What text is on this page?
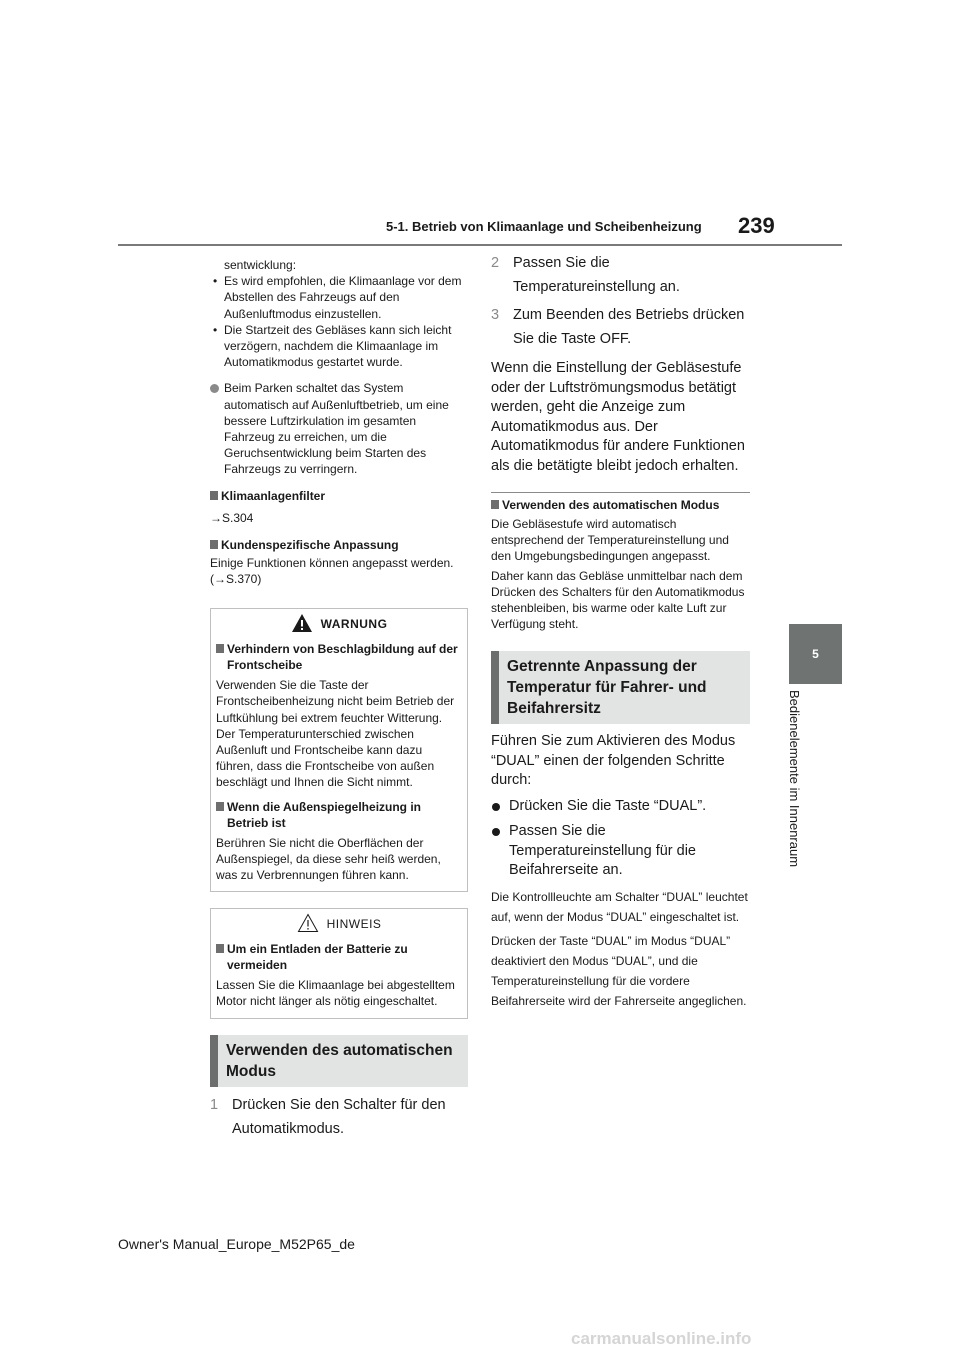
5-1. Betrieb von Klimaanlage und Scheibenheizung 239
5
Bedienelemente im Innenraum
sentwicklung:
• Es wird empfohlen, die Klimaanlage vor dem Abstellen des Fahrzeugs auf den Außenluftmodus einzustellen.
• Die Startzeit des Gebläses kann sich leicht verzögern, nachdem die Klimaanlage im Automatikmodus gestartet wurde.
Beim Parken schaltet das System automatisch auf Außenluftbetrieb, um eine bessere Luftzirkulation im gesamten Fahrzeug zu erreichen, um die Geruchsentwicklung beim Starten des Fahrzeugs zu verringern.
Klimaanlagenfilter
→S.304
Kundenspezifische Anpassung
Einige Funktionen können angepasst werden. (→S.370)
WARNUNG
Verhindern von Beschlagbildung auf der Frontscheibe
Verwenden Sie die Taste der Frontscheibenheizung nicht beim Betrieb der Luftkühlung bei extrem feuchter Witterung. Der Temperaturunterschied zwischen Außenluft und Frontscheibe kann dazu führen, dass die Frontscheibe von außen beschlägt und Ihnen die Sicht nimmt.
Wenn die Außenspiegelheizung in Betrieb ist
Berühren Sie nicht die Oberflächen der Außenspiegel, da diese sehr heiß werden, was zu Verbrennungen führen kann.
HINWEIS
Um ein Entladen der Batterie zu vermeiden
Lassen Sie die Klimaanlage bei abgestelltem Motor nicht länger als nötig eingeschaltet.
Verwenden des automatischen Modus
1 Drücken Sie den Schalter für den Automatikmodus.
2 Passen Sie die Temperatureinstellung an.
3 Zum Beenden des Betriebs drücken Sie die Taste OFF.
Wenn die Einstellung der Gebläsestufe oder der Luftströmungsmodus betätigt werden, geht die Anzeige zum Automatikmodus aus. Der Automatikmodus für andere Funktionen als die betätigte bleibt jedoch erhalten.
Verwenden des automatischen Modus
Die Gebläsestufe wird automatisch entsprechend der Temperatureinstellung und den Umgebungsbedingungen angepasst.
Daher kann das Gebläse unmittelbar nach dem Drücken des Schalters für den Automatikmodus stehenbleiben, bis warme oder kalte Luft zur Verfügung steht.
Getrennte Anpassung der Temperatur für Fahrer- und Beifahrersitz
Führen Sie zum Aktivieren des Modus “DUAL” einen der folgenden Schritte durch:
Drücken Sie die Taste “DUAL”.
Passen Sie die Temperatureinstellung für die Beifahrerseite an.
Die Kontrollleuchte am Schalter “DUAL” leuchtet auf, wenn der Modus “DUAL” eingeschaltet ist.
Drücken der Taste “DUAL” im Modus “DUAL” deaktiviert den Modus “DUAL”, und die Temperatureinstellung für die vordere Beifahrerseite wird der Fahrerseite angeglichen.
Owner's Manual_Europe_M52P65_de
carmanualsonline.info
